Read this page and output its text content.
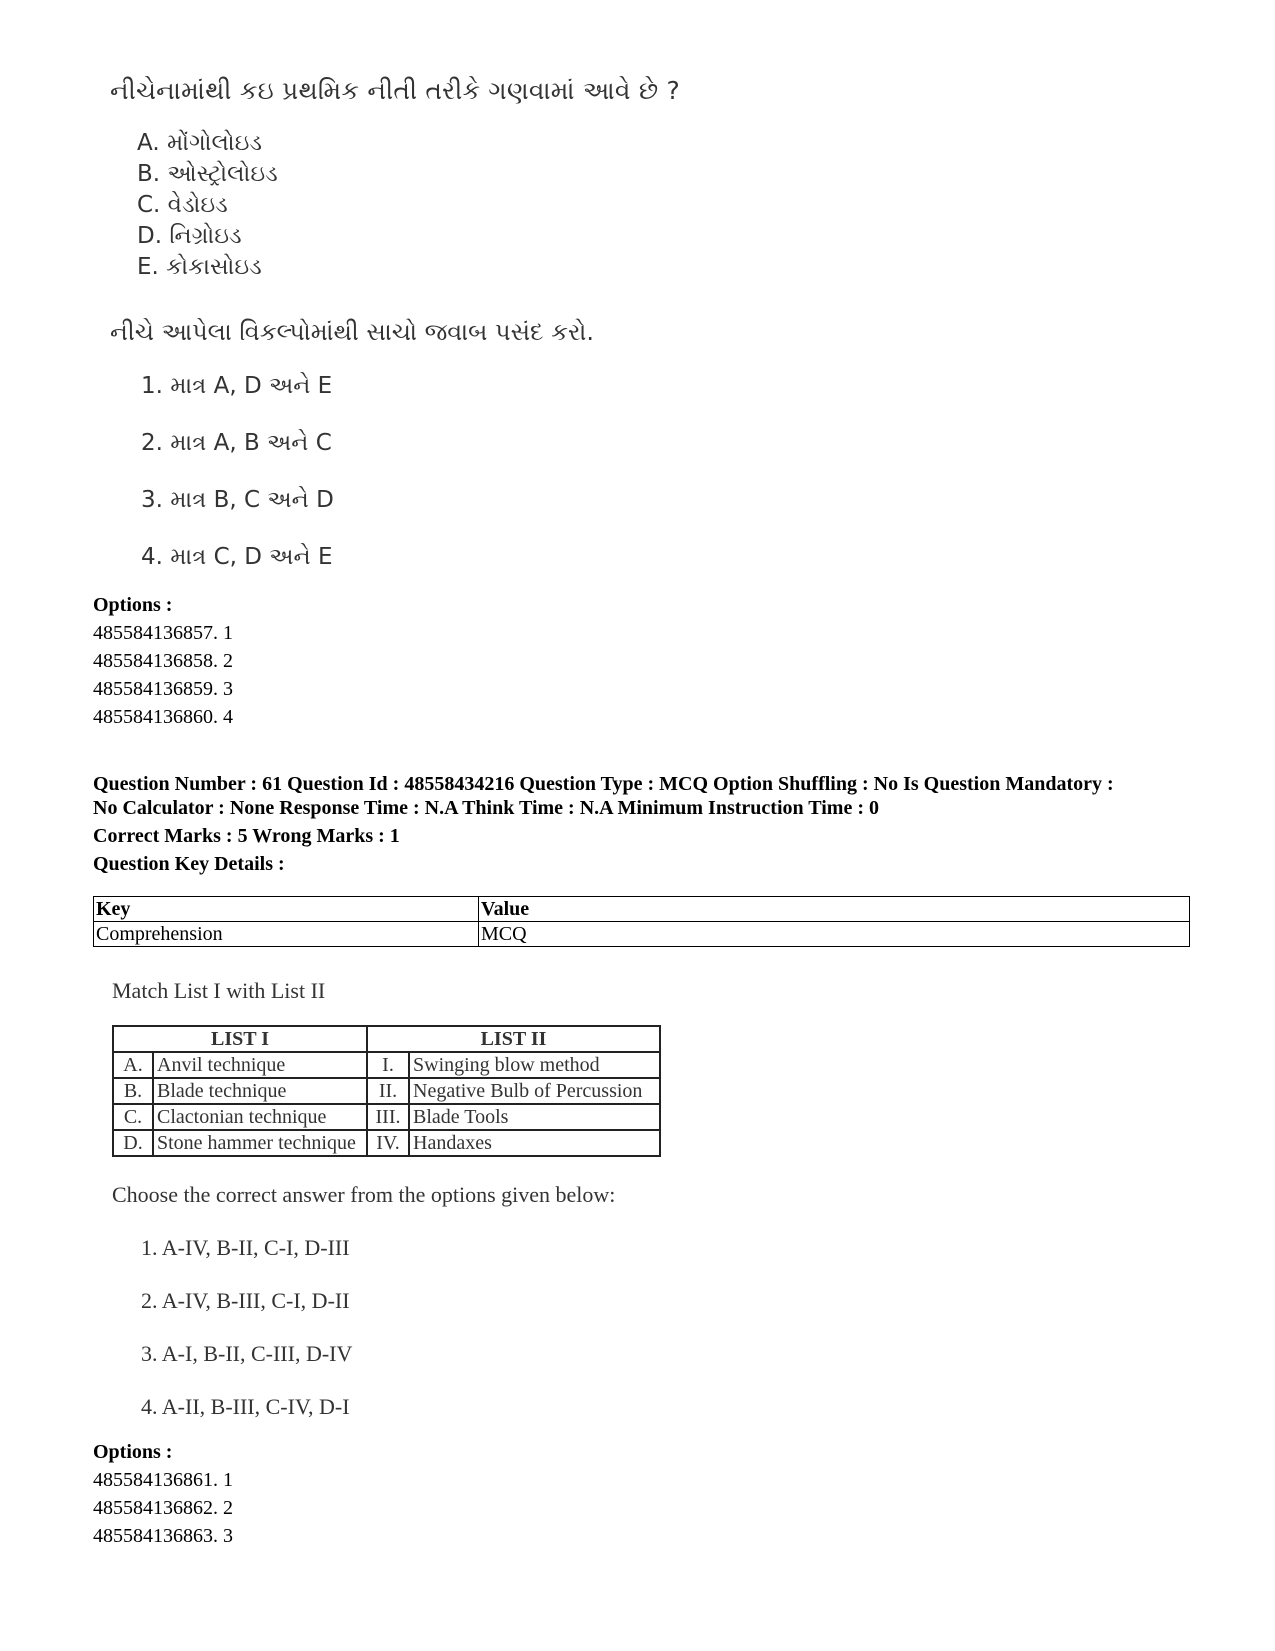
નીચેનામાંથી કઇ પ્રથમિક નીતી તરીકે ગણવામાં આવે છે ?
A. મોંગોલોઇડ
B. ઓસ્ટ્રોલોઇડ
C. વેડોઇડ
D. નિગ્રોઇડ
E. કોકાસોઇડ
નીચે આપેલા વિકલ્પોમાંથી સાચો જવાબ પસંદ કરો.
1. માત્ર A, D અને E
2. માત્ર A, B અને C
3. માત્ર B, C અને D
4. માત્ર C, D અને E
Options :
485584136857. 1
485584136858. 2
485584136859. 3
485584136860. 4
Question Number : 61 Question Id : 48558434216 Question Type : MCQ Option Shuffling : No Is Question Mandatory :
No Calculator : None Response Time : N.A Think Time : N.A Minimum Instruction Time : 0
Correct Marks : 5 Wrong Marks : 1
Question Key Details :
Key	Value
Comprehension	MCQ
Match List I with List II
LIST I		LIST II	
A.	Anvil technique	I.	Swinging blow method
B.	Blade technique	II.	Negative Bulb of Percussion
C.	Clactonian technique	III.	Blade Tools
D.	Stone hammer technique	IV.	Handaxes
Choose the correct answer from the options given below:
1. A-IV, B-II, C-I, D-III
2. A-IV, B-III, C-I, D-II
3. A-I, B-II, C-III, D-IV
4. A-II, B-III, C-IV, D-I
Options :
485584136861. 1
485584136862. 2
485584136863. 3
